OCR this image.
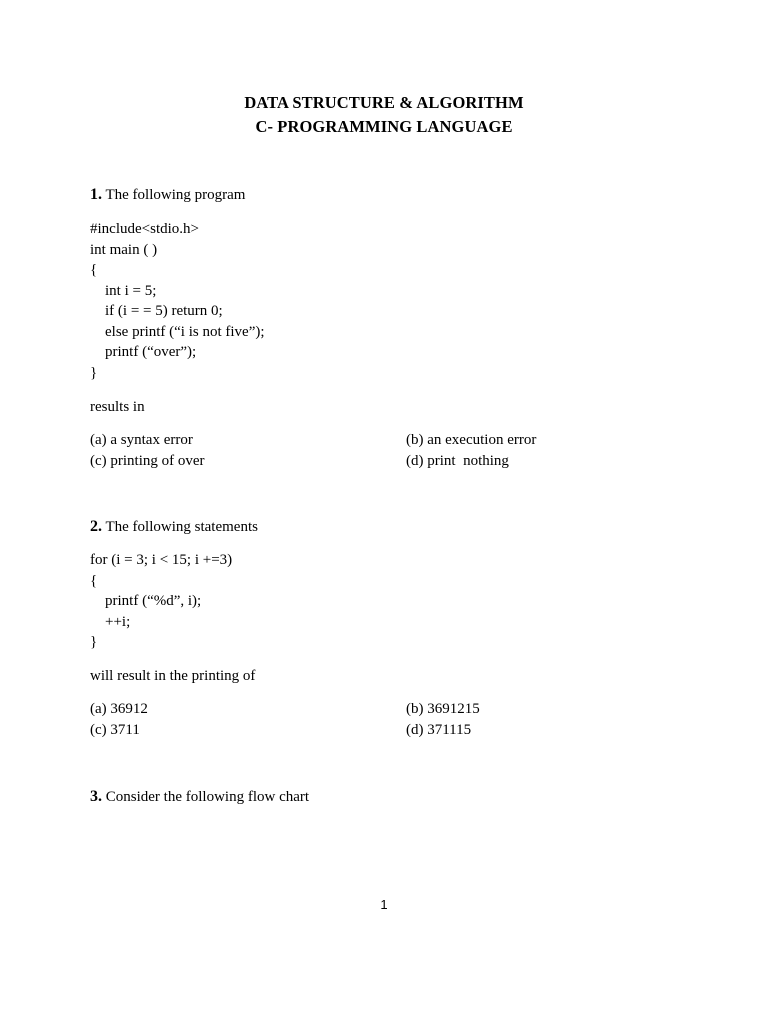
DATA STRUCTURE & ALGORITHM
C- PROGRAMMING LANGUAGE
1. The following program
#include<stdio.h>
int main ( )
{
int i = 5;
if (i = = 5) return 0;
else printf (“i is not five”);
printf (“over”);
}
results in
(a) a syntax error	(b) an execution error
(c) printing of over	(d) print  nothing
2. The following statements
for (i = 3; i < 15; i +=3)
{
printf (“%d”, i);
++i;
}
will result in the printing of
(a) 36912	(b) 3691215
(c) 3711	(d) 371115
3. Consider the following flow chart
1
